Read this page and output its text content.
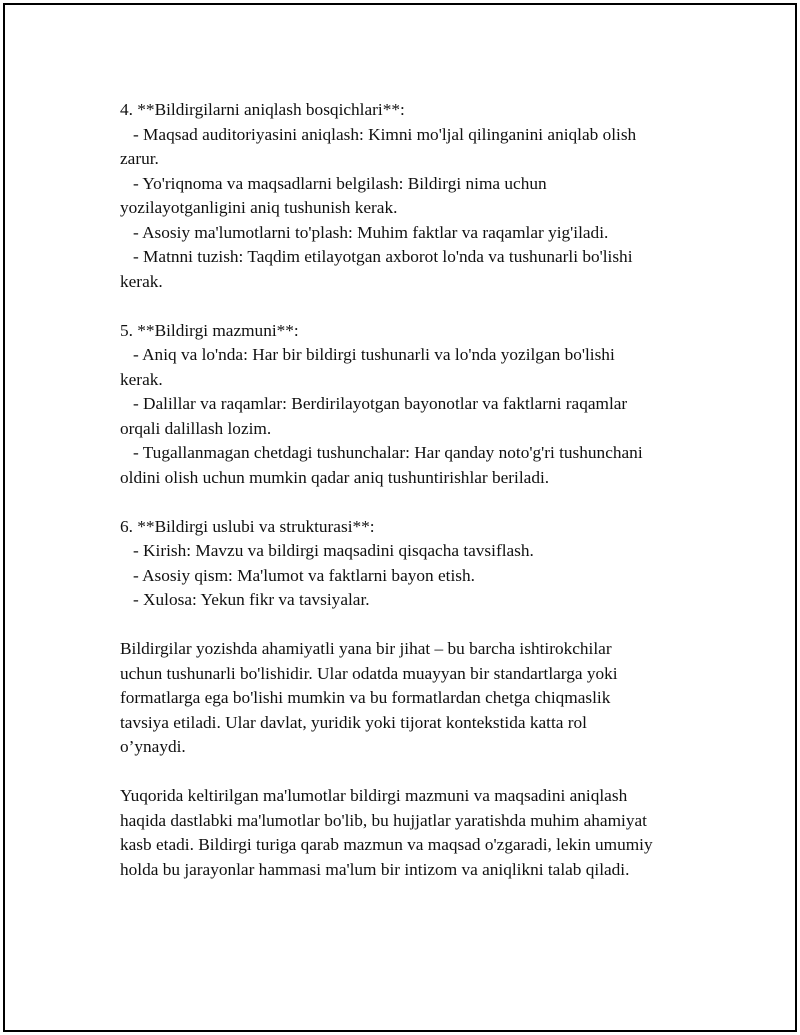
4. **Bildirgilarni aniqlash bosqichlari**:
- Maqsad auditoriyasini aniqlash: Kimni mo'ljal qilinganini aniqlab olish
zarur.
- Yo'riqnoma va maqsadlarni belgilash: Bildirgi nima uchun
yozilayotganligini aniq tushunish kerak.
- Asosiy ma'lumotlarni to'plash: Muhim faktlar va raqamlar yig'iladi.
- Matnni tuzish: Taqdim etilayotgan axborot lo'nda va tushunarli bo'lishi
kerak.
5. **Bildirgi mazmuni**:
- Aniq va lo'nda: Har bir bildirgi tushunarli va lo'nda yozilgan bo'lishi
kerak.
- Dalillar va raqamlar: Berdirilayotgan bayonotlar va faktlarni raqamlar
orqali dalillash lozim.
- Tugallanmagan chetdagi tushunchalar: Har qanday noto'g'ri tushunchani
oldini olish uchun mumkin qadar aniq tushuntirishlar beriladi.
6. **Bildirgi uslubi va strukturasi**:
- Kirish: Mavzu va bildirgi maqsadini qisqacha tavsiflash.
- Asosiy qism: Ma'lumot va faktlarni bayon etish.
- Xulosa: Yekun fikr va tavsiyalar.
Bildirgilar yozishda ahamiyatli yana bir jihat – bu barcha ishtirokchilar
uchun tushunarli bo'lishidir. Ular odatda muayyan bir standartlarga yoki
formatlarga ega bo'lishi mumkin va bu formatlardan chetga chiqmaslik
tavsiya etiladi. Ular davlat, yuridik yoki tijorat kontekstida katta rol
o’ynaydi.
Yuqorida keltirilgan ma'lumotlar bildirgi mazmuni va maqsadini aniqlash
haqida dastlabki ma'lumotlar bo'lib, bu hujjatlar yaratishda muhim ahamiyat
kasb etadi. Bildirgi turiga qarab mazmun va maqsad o'zgaradi, lekin umumiy
holda bu jarayonlar hammasi ma'lum bir intizom va aniqlikni talab qiladi.
